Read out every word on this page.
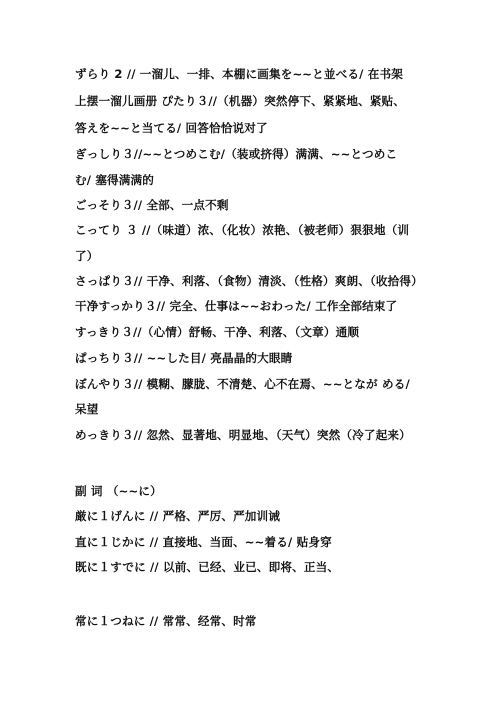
ずらり 2 // 一溜儿、一排、本棚に画集を~~と並べる/ 在书架
上摆一溜儿画册 ぴたり３//（机器）突然停下、紧紧地、紧贴、
答えを~~と当てる/ 回答恰恰说对了
ぎっしり３//~~とつめこむ/（装或挤得）满满、~~とつめこ
む/ 塞得满满的
ごっそり３// 全部、一点不剩
こってり ３ //（味道）浓、（化妆）浓艳、（被老师）狠狠地（训
了）
さっぱり３// 干净、利落、（食物）清淡、（性格）爽朗、（收拾得）
干净すっかり３// 完全、仕事は~~おわった/ 工作全部结束了
すっきり３//（心情）舒畅、干净、利落、（文章）通顺
ぱっちり３// ~~した目/ 亮晶晶的大眼睛
ぼんやり３// 模糊、朦胧、不清楚、心不在焉、~~となが める/
呆望
めっきり３// 忽然、显著地、明显地、（天气）突然（冷了起来）
副 词 （~~に）
厳に１げんに // 严格、严厉、严加训诫
直に１じかに // 直接地、当面、~~着る/ 贴身穿
既に１すでに // 以前、已经、业已、即将、正当、
常に１つねに // 常常、经常、时常
